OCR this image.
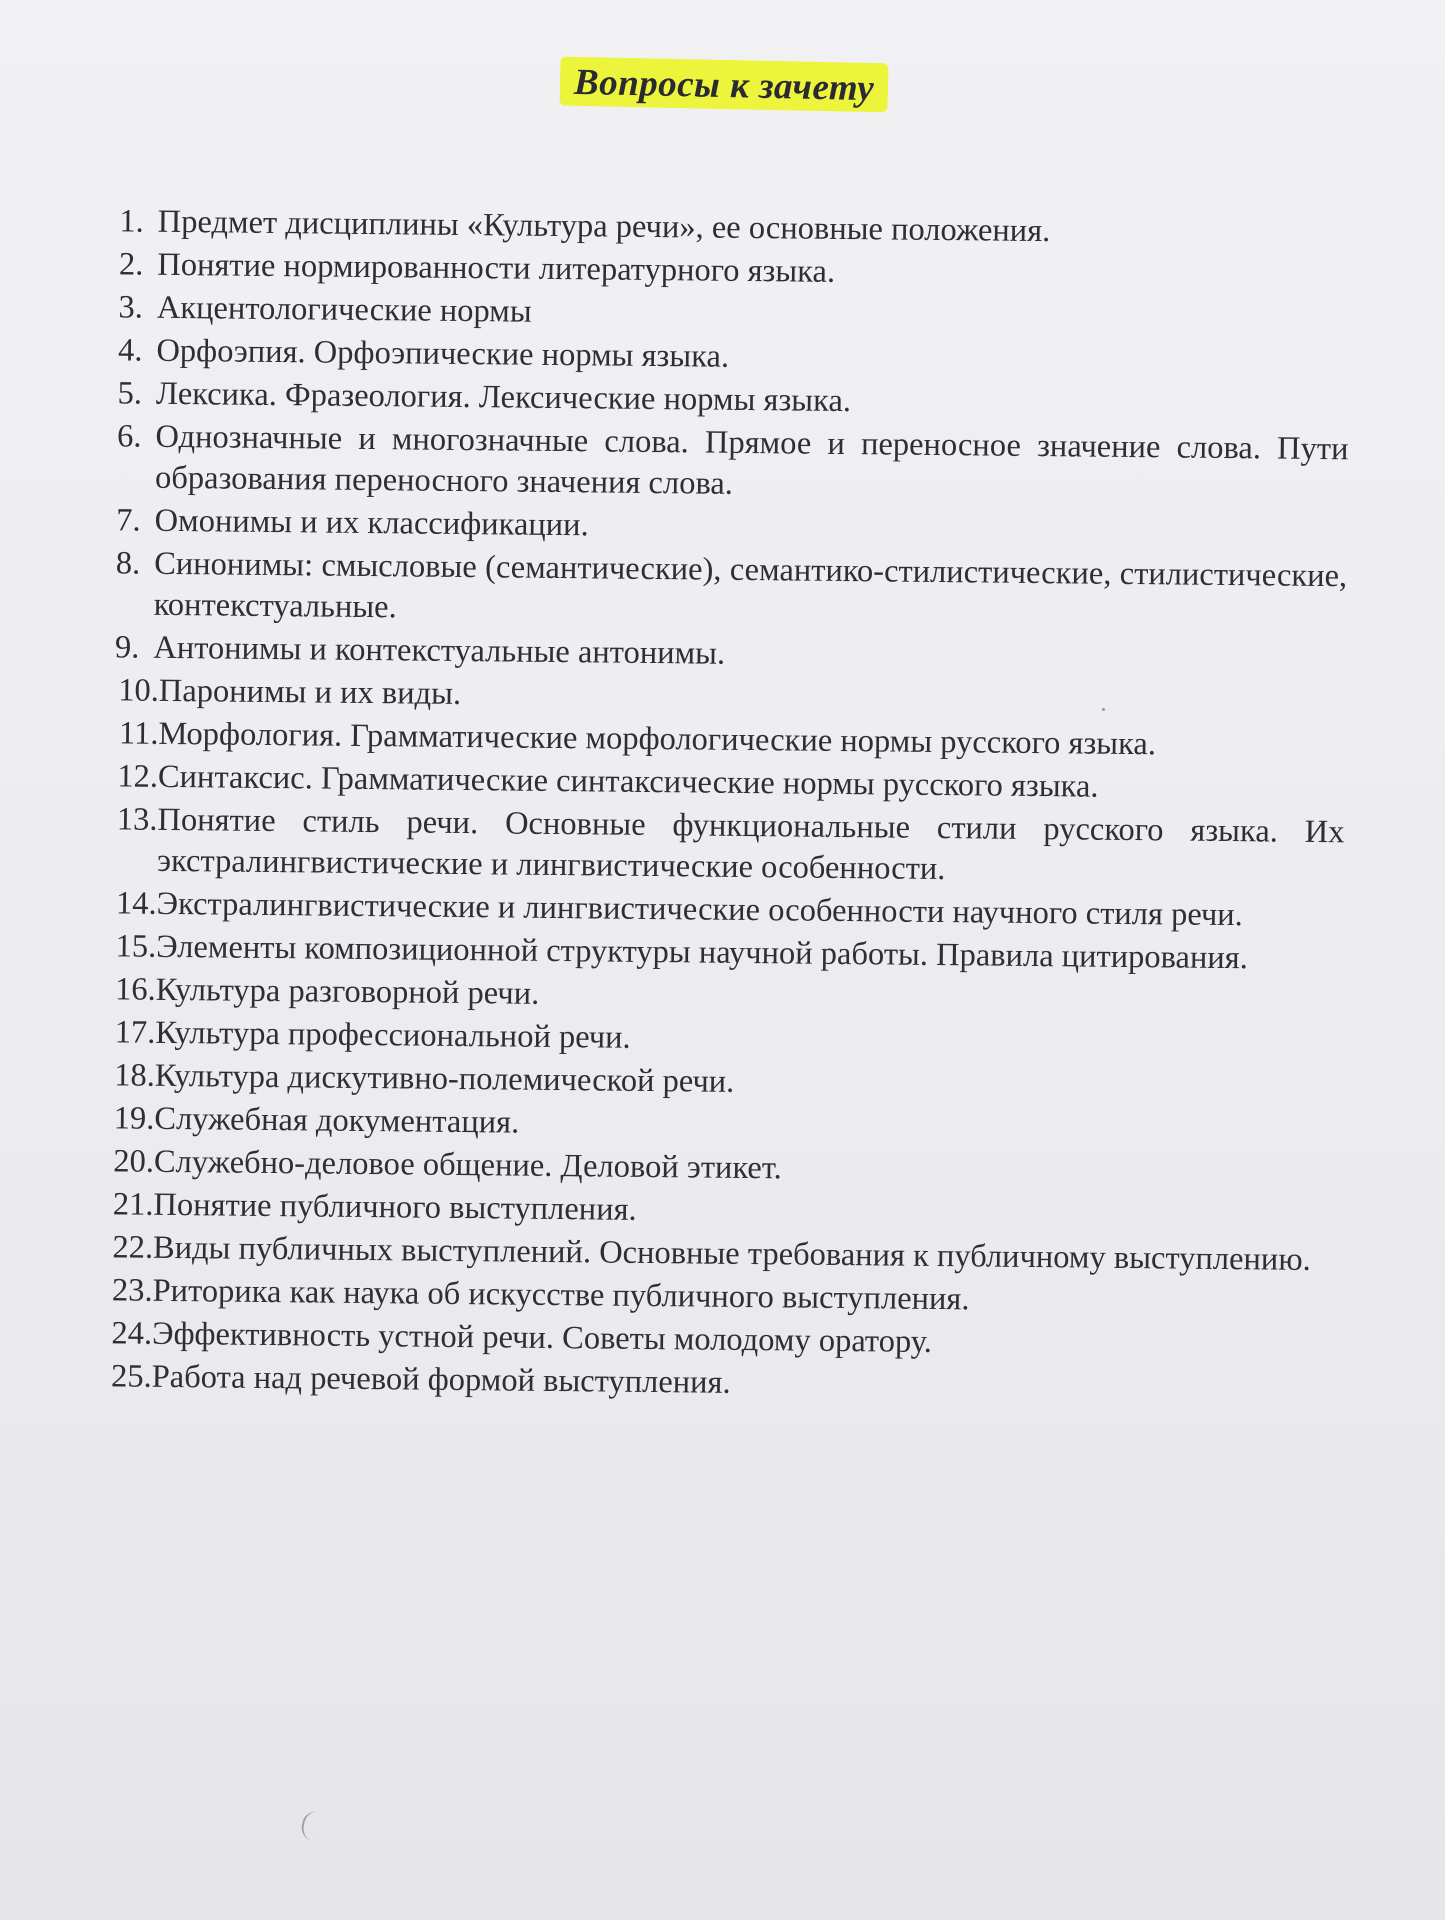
Вопросы к зачету
1. Предмет дисциплины «Культура речи», ее основные положения.
2. Понятие нормированности литературного языка.
3. Акцентологические нормы
4. Орфоэпия. Орфоэпические нормы языка.
5. Лексика. Фразеология. Лексические нормы языка.
6. Однозначные и многозначные слова. Прямое и переносное значение слова. Пути образования переносного значения слова.
7. Омонимы и их классификации.
8. Синонимы: смысловые (семантические), семантико-стилистические, стилистические, контекстуальные.
9. Антонимы и контекстуальные антонимы.
10. Паронимы и их виды.
11. Морфология. Грамматические морфологические нормы русского языка.
12. Синтаксис. Грамматические синтаксические нормы русского языка.
13. Понятие стиль речи. Основные функциональные стили русского языка. Их экстралингвистические и лингвистические особенности.
14. Экстралингвистические и лингвистические особенности научного стиля речи.
15. Элементы композиционной структуры научной работы. Правила цитирования.
16. Культура разговорной речи.
17. Культура профессиональной речи.
18. Культура дискутивно-полемической речи.
19. Служебная документация.
20. Служебно-деловое общение. Деловой этикет.
21. Понятие публичного выступления.
22. Виды публичных выступлений. Основные требования к публичному выступлению.
23. Риторика как наука об искусстве публичного выступления.
24. Эффективность устной речи. Советы молодому оратору.
25. Работа над речевой формой выступления.
